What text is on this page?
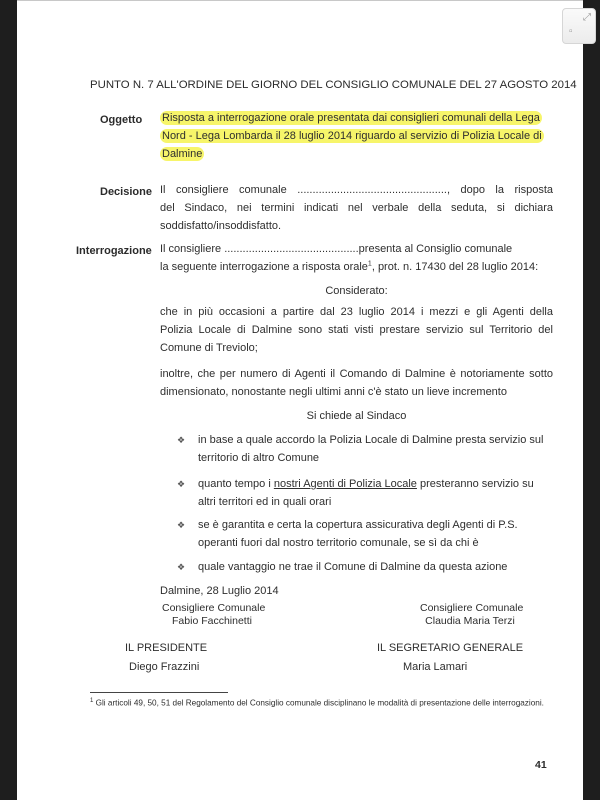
PUNTO N. 7 ALL'ORDINE DEL GIORNO DEL CONSIGLIO COMUNALE DEL 27 AGOSTO 2014
Oggetto Risposta a interrogazione orale presentata dai consiglieri comunali della Lega
Nord - Lega Lombarda il 28 luglio 2014 riguardo al servizio di Polizia Locale di
Dalmine
Decisione Il consigliere comunale ................................................., dopo la risposta
del Sindaco, nei termini indicati nel verbale della seduta, si dichiara
soddisfatto/insoddisfatto.
Interrogazione Il consigliere ............................................presenta al Consiglio comunale
la seguente interrogazione a risposta orale$^1$, prot. n. 17430 del 28 luglio 2014:
Considerato:
che in più occasioni a partire dal 23 luglio 2014 i mezzi e gli Agenti della
Polizia Locale di Dalmine sono stati visti prestare servizio sul Territorio del
Comune di Treviolo;
inoltre, che per numero di Agenti il Comando di Dalmine è notoriamente sotto
dimensionato, nonostante negli ultimi anni c'è stato un lieve incremento
Si chiede al Sindaco
❖ in base a quale accordo la Polizia Locale di Dalmine presta servizio sul
territorio di altro Comune
❖ quanto tempo i nostri Agenti di Polizia Locale presteranno servizio su
altri territori ed in quali orari
❖ se è garantita e certa la copertura assicurativa degli Agenti di P.S.
operanti fuori dal nostro territorio comunale, se sì da chi è
❖ quale vantaggio ne trae il Comune di Dalmine da questa azione
Dalmine, 28 Luglio 2014
Consigliere Comunale
Fabio Facchinetti
Consigliere Comunale
Claudia Maria Terzi
IL PRESIDENTE
Diego Frazzini
IL SEGRETARIO GENERALE
Maria Lamari
$^1$ Gli articoli 49, 50, 51 del Regolamento del Consiglio comunale disciplinano le modalità di presentazione delle interrogazioni.
41
⤢
▫
